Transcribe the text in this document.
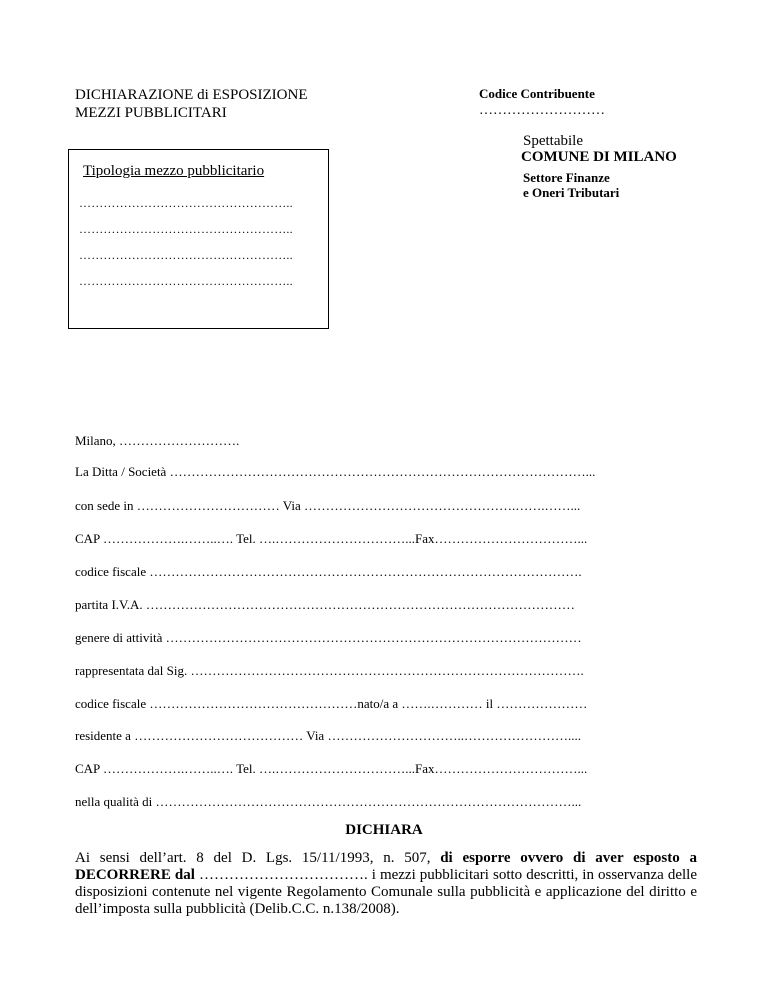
DICHIARAZIONE di ESPOSIZIONE
MEZZI PUBBLICITARI
Codice Contribuente
………………………
Tipologia mezzo pubblicitario
……………………………………………..
……………………………………………..
……………………………………………..
……………………………………………..
Spettabile
COMUNE DI MILANO
Settore Finanze
e Oneri Tributari
Milano, ……………………….
La Ditta / Società ……………………………………………………………………………………...
con sede in …………………………… Via ………………………………………….…….……...
CAP ……………….……..…. Tel. ….…………………………...Fax……………………………...
codice fiscale ……………………………………………………………………………………….
partita I.V.A. ………………………………………………………………………………………
genere di attività ……………………………………………………………………………………
rappresentata dal Sig. ……………………………………………………………………………….
codice fiscale …………………………………………nato/a a …….………… il …………………
residente a ………………………………… Via …………………………..……………………....
CAP ……………….……..…. Tel. ….…………………………...Fax……………………………...
nella qualità di ……………………………………………………………………………………...
DICHIARA
Ai sensi dell’art. 8 del D. Lgs. 15/11/1993, n. 507, di esporre ovvero di aver esposto a DECORRERE dal ……………………………. i mezzi pubblicitari sotto descritti, in osservanza delle disposizioni contenute nel vigente Regolamento Comunale sulla pubblicità e applicazione del diritto e dell’imposta sulla pubblicità (Delib.C.C. n.138/2008).
